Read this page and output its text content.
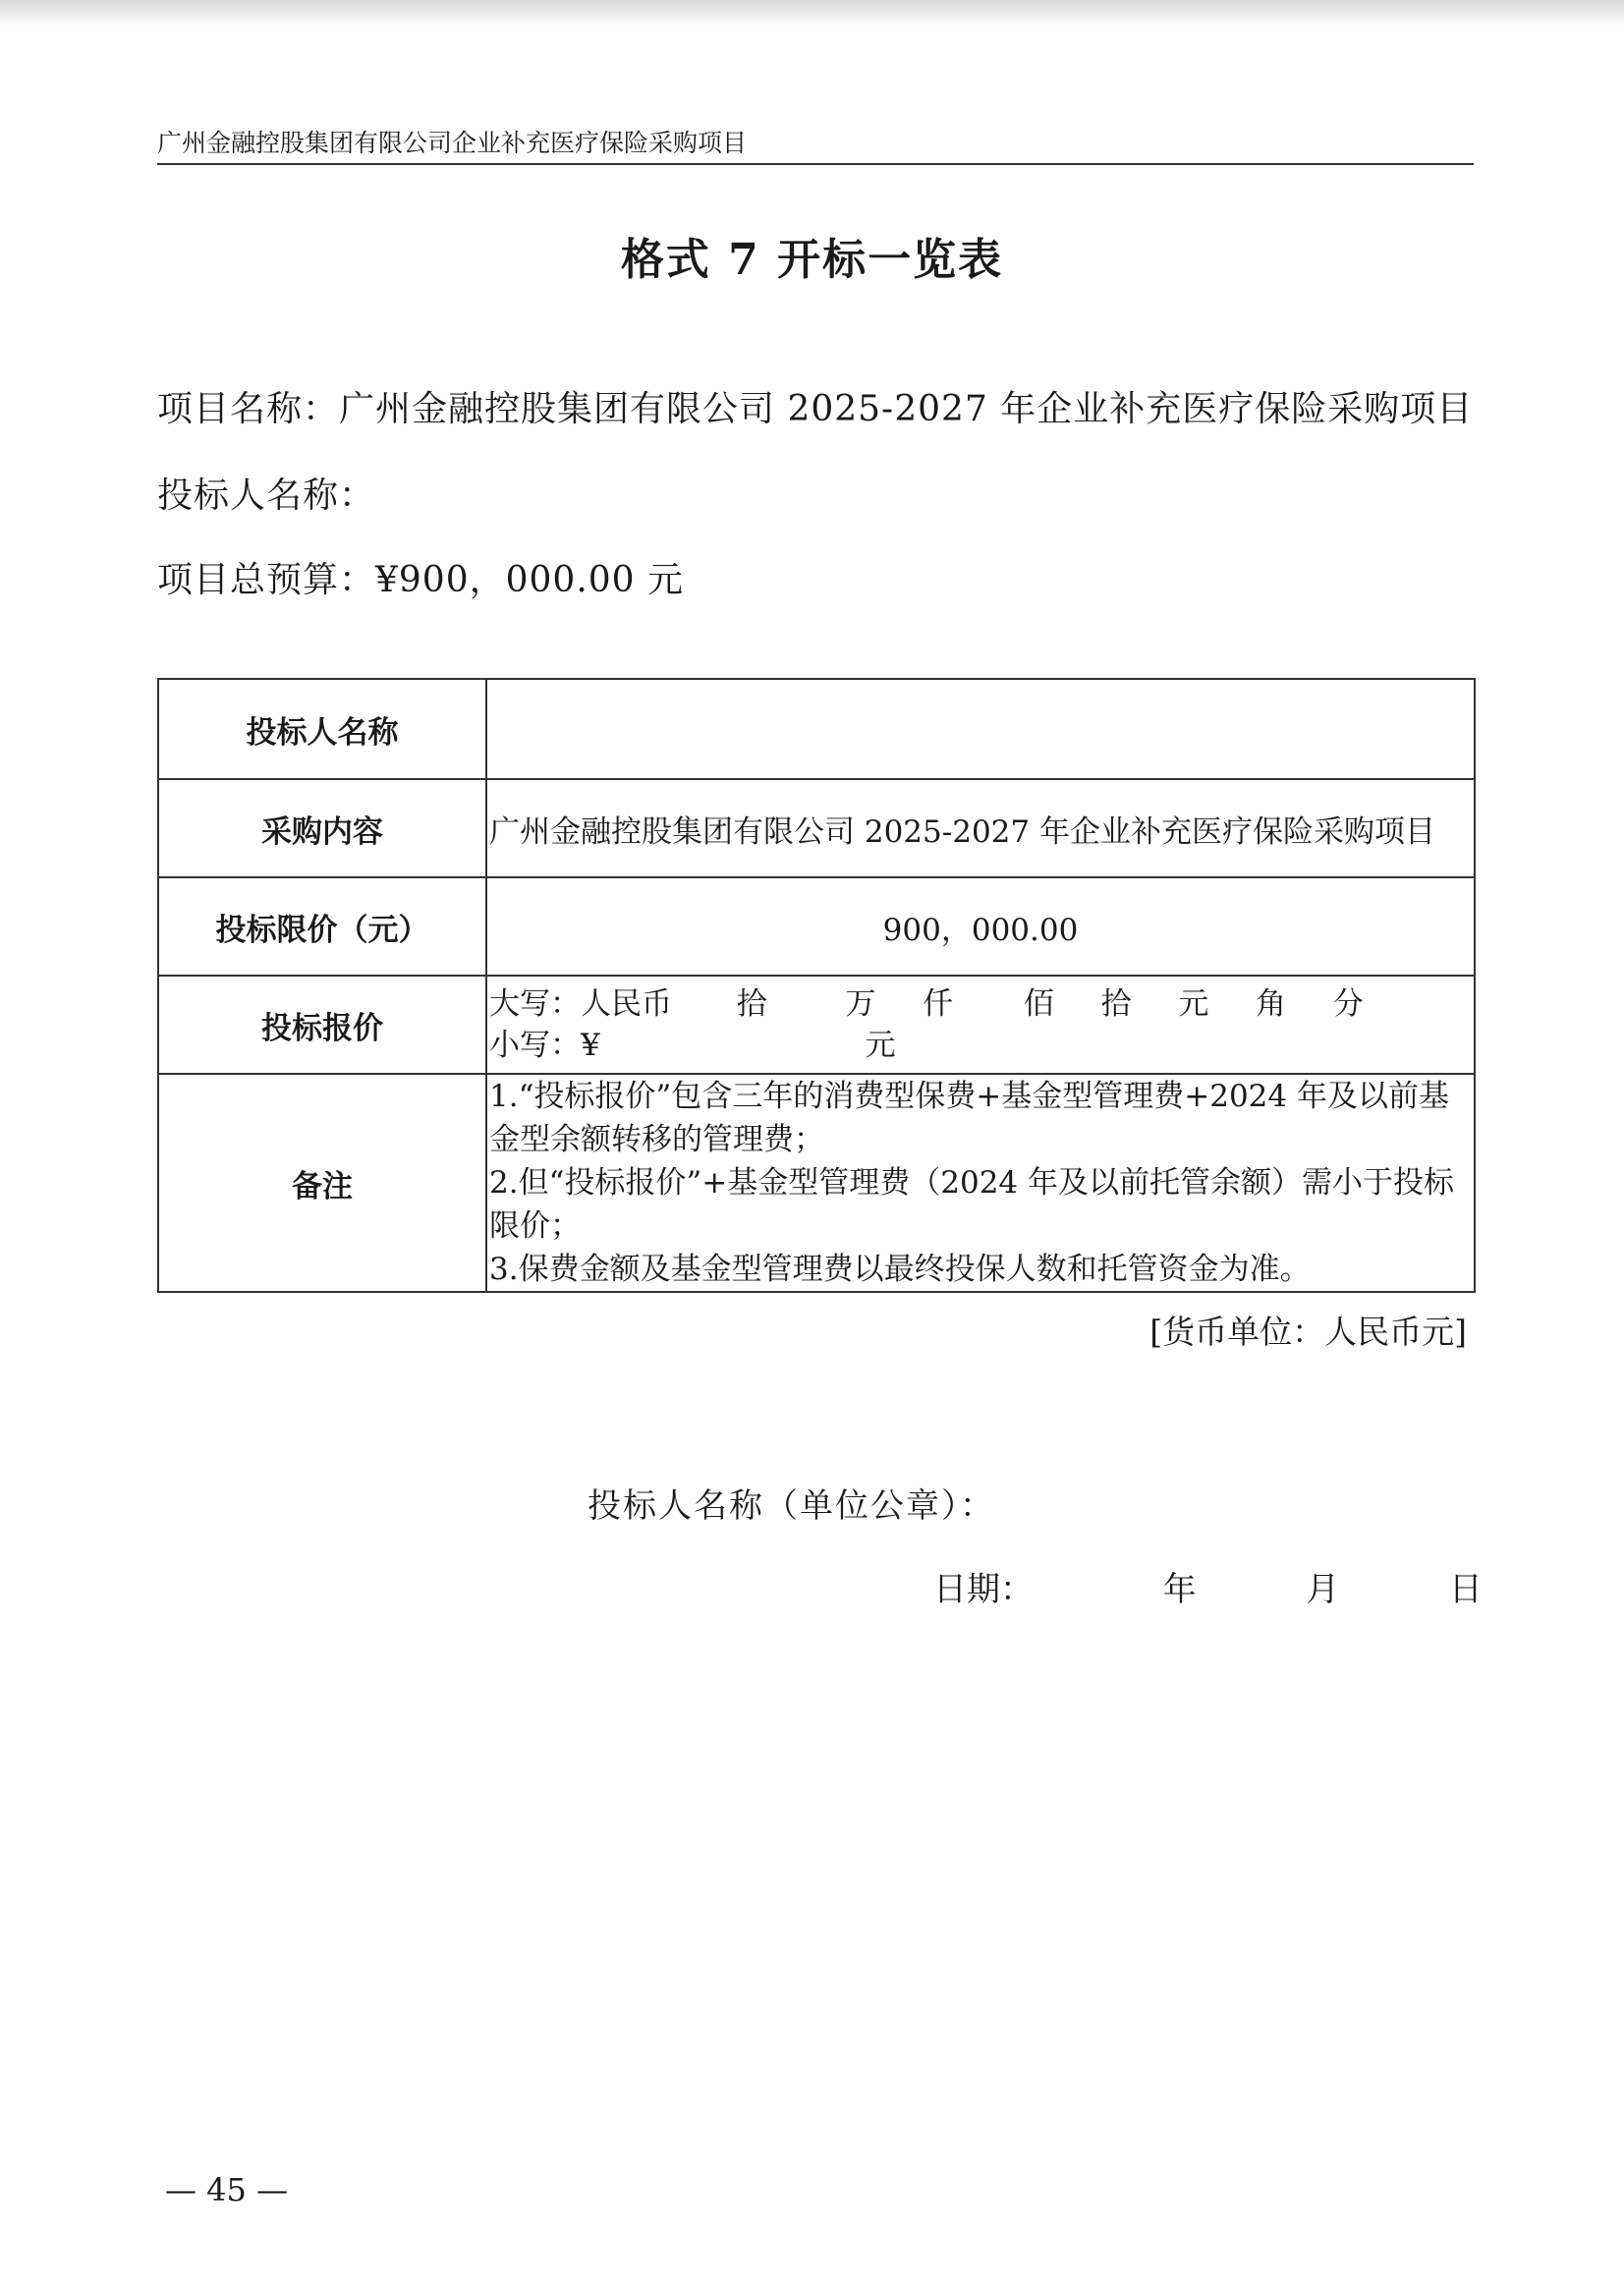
广州金融控股集团有限公司企业补充医疗保险采购项目
格式 7 开标一览表
项目名称：广州金融控股集团有限公司 2025-2027 年企业补充医疗保险采购项目
投标人名称：
项目总预算：¥900，000.00 元
投标人名称	
采购内容	广州金融控股集团有限公司 2025-2027 年企业补充医疗保险采购项目
投标限价（元）	900，000.00
投标报价	大写：人民币 拾 万 仟 佰 拾 元 角 分
小写：¥ 元

备注	1.“投标报价”包含三年的消费型保费+基金型管理费+2024 年及以前基金型余额转移的管理费；
2.但“投标报价”+基金型管理费（2024 年及以前托管余额）需小于投标限价；
3.保费金额及基金型管理费以最终投保人数和托管资金为准。
[货币单位：人民币元]
投标人名称（单位公章）：
日期：	年	月	日
— 45 —
